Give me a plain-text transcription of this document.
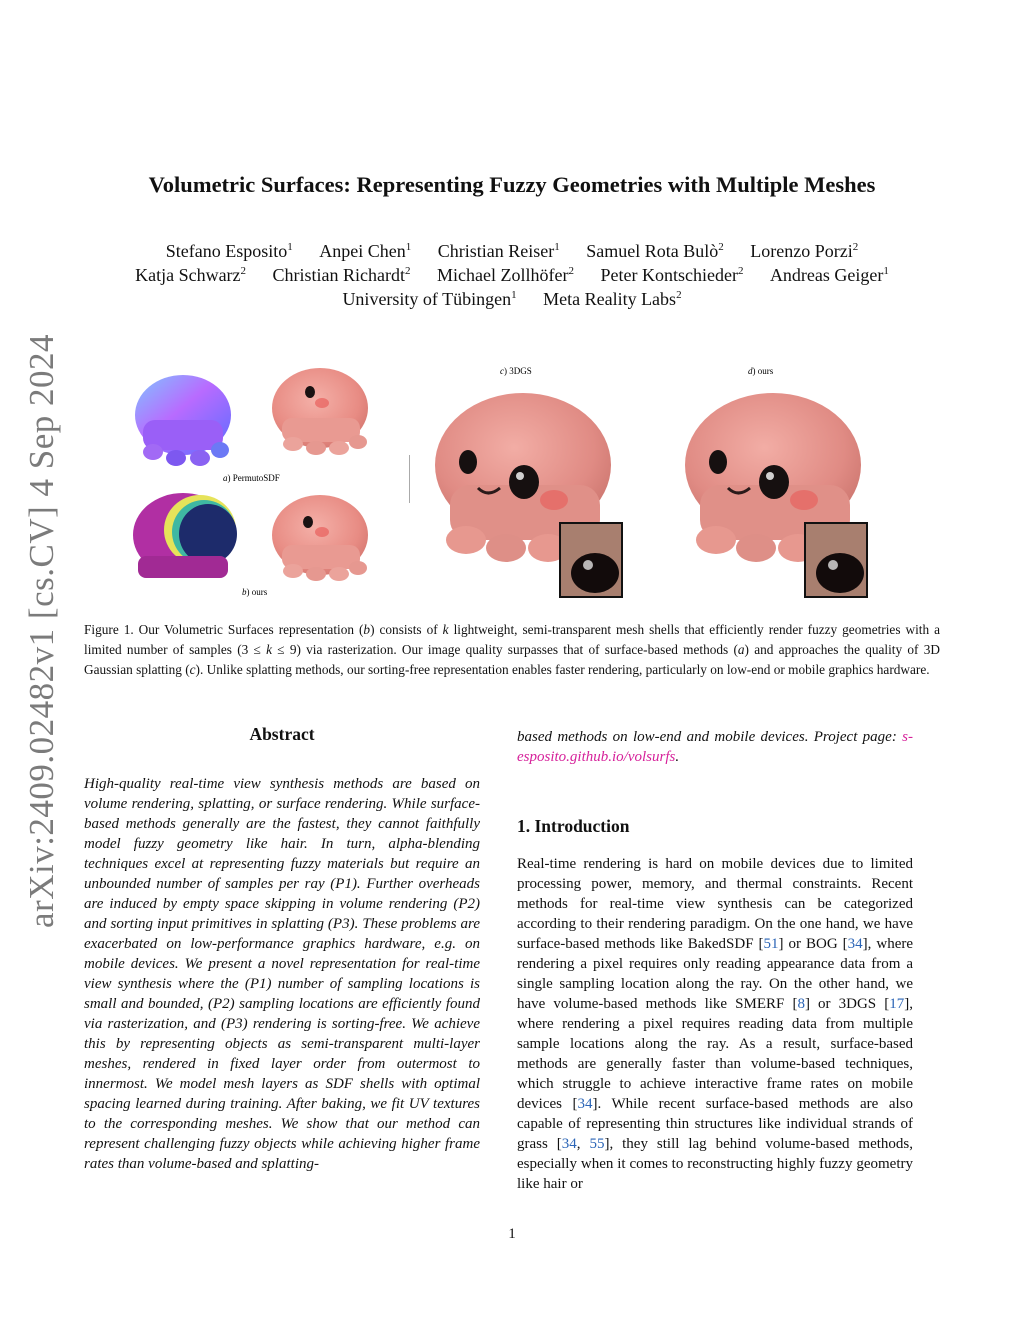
arXiv:2409.02482v1 [cs.CV] 4 Sep 2024
Volumetric Surfaces: Representing Fuzzy Geometries with Multiple Meshes
Stefano Esposito$^1$ Anpei Chen$^1$ Christian Reiser$^1$ Samuel Rota Bulò$^2$ Lorenzo Porzi$^2$
Katja Schwarz$^2$ Christian Richardt$^2$ Michael Zollhöfer$^2$ Peter Kontschieder$^2$ Andreas Geiger$^1$
University of Tübingen$^1$ Meta Reality Labs$^2$
a) PermutoSDF
b) ours
c) 3DGS	d) ours
Figure 1. Our Volumetric Surfaces representation (b) consists of k lightweight, semi-transparent mesh shells that efficiently render fuzzy geometries with a limited number of samples (3 ≤ k ≤ 9) via rasterization. Our image quality surpasses that of surface-based methods (a) and approaches the quality of 3D Gaussian splatting (c). Unlike splatting methods, our sorting-free representation enables faster rendering, particularly on low-end or mobile graphics hardware.
Abstract
High-quality real-time view synthesis methods are based on volume rendering, splatting, or surface rendering. While surface-based methods generally are the fastest, they cannot faithfully model fuzzy geometry like hair. In turn, alpha-blending techniques excel at representing fuzzy materials but require an unbounded number of samples per ray (P1). Further overheads are induced by empty space skipping in volume rendering (P2) and sorting input primitives in splatting (P3). These problems are exacerbated on low-performance graphics hardware, e.g. on mobile devices. We present a novel representation for real-time view synthesis where the (P1) number of sampling locations is small and bounded, (P2) sampling locations are efficiently found via rasterization, and (P3) rendering is sorting-free. We achieve this by representing objects as semi-transparent multi-layer meshes, rendered in fixed layer order from outermost to innermost. We model mesh layers as SDF shells with optimal spacing learned during training. After baking, we fit UV textures to the corresponding meshes. We show that our method can represent challenging fuzzy objects while achieving higher frame rates than volume-based and splatting-
based methods on low-end and mobile devices. Project page: s-esposito.github.io/volsurfs.
1. Introduction
Real-time rendering is hard on mobile devices due to limited processing power, memory, and thermal constraints. Recent methods for real-time view synthesis can be categorized according to their rendering paradigm. On the one hand, we have surface-based methods like BakedSDF [51] or BOG [34], where rendering a pixel requires only reading appearance data from a single sampling location along the ray. On the other hand, we have volume-based methods like SMERF [8] or 3DGS [17], where rendering a pixel requires reading data from multiple sample locations along the ray. As a result, surface-based methods are generally faster than volume-based techniques, which struggle to achieve interactive frame rates on mobile devices [34]. While recent surface-based methods are also capable of representing thin structures like individual strands of grass [34, 55], they still lag behind volume-based methods, especially when it comes to reconstructing highly fuzzy geometry like hair or
1
